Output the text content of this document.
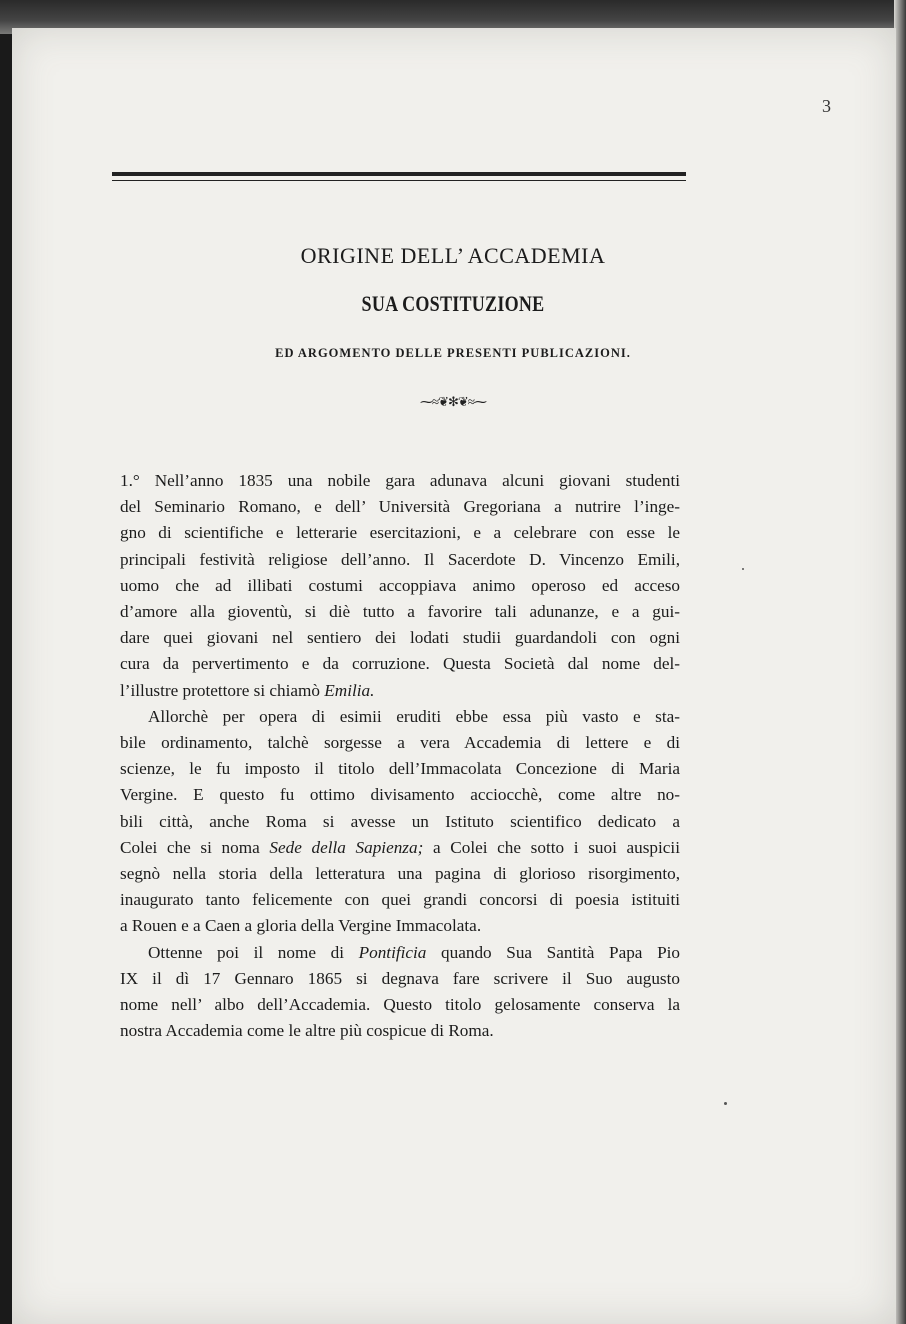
3
ORIGINE DELL’ ACCADEMIA
SUA COSTITUZIONE
ED ARGOMENTO DELLE PRESENTI PUBLICAZIONI.
⁓≈❦✻❦≈⁓

1.° Nell’anno 1835 una nobile gara adunava alcuni giovani studenti
del Seminario Romano, e dell’ Università Gregoriana a nutrire l’inge-
gno di scientifiche e letterarie esercitazioni, e a celebrare con esse le
principali festività religiose dell’anno. Il Sacerdote D. Vincenzo Emili,
uomo che ad illibati costumi accoppiava animo operoso ed acceso
d’amore alla gioventù, si diè tutto a favorire tali adunanze, e a gui-
dare quei giovani nel sentiero dei lodati studii guardandoli con ogni
cura da pervertimento e da corruzione. Questa Società dal nome del-
l’illustre protettore si chiamò Emilia.

Allorchè per opera di esimii eruditi ebbe essa più vasto e sta-

bile ordinamento, talchè sorgesse a vera Accademia di lettere e di
scienze, le fu imposto il titolo dell’Immacolata Concezione di Maria
Vergine. E questo fu ottimo divisamento acciocchè, come altre no-
bili città, anche Roma si avesse un Istituto scientifico dedicato a
Colei che si noma Sede della Sapienza; a Colei che sotto i suoi auspicii
segnò nella storia della letteratura una pagina di glorioso risorgimento,
inaugurato tanto felicemente con quei grandi concorsi di poesia istituiti
a Rouen e a Caen a gloria della Vergine Immacolata.

Ottenne poi il nome di Pontificia quando Sua Santità Papa Pio

IX il dì 17 Gennaro 1865 si degnava fare scrivere il Suo augusto
nome nell’ albo dell’Accademia. Questo titolo gelosamente conserva la
nostra Accademia come le altre più cospicue di Roma.
